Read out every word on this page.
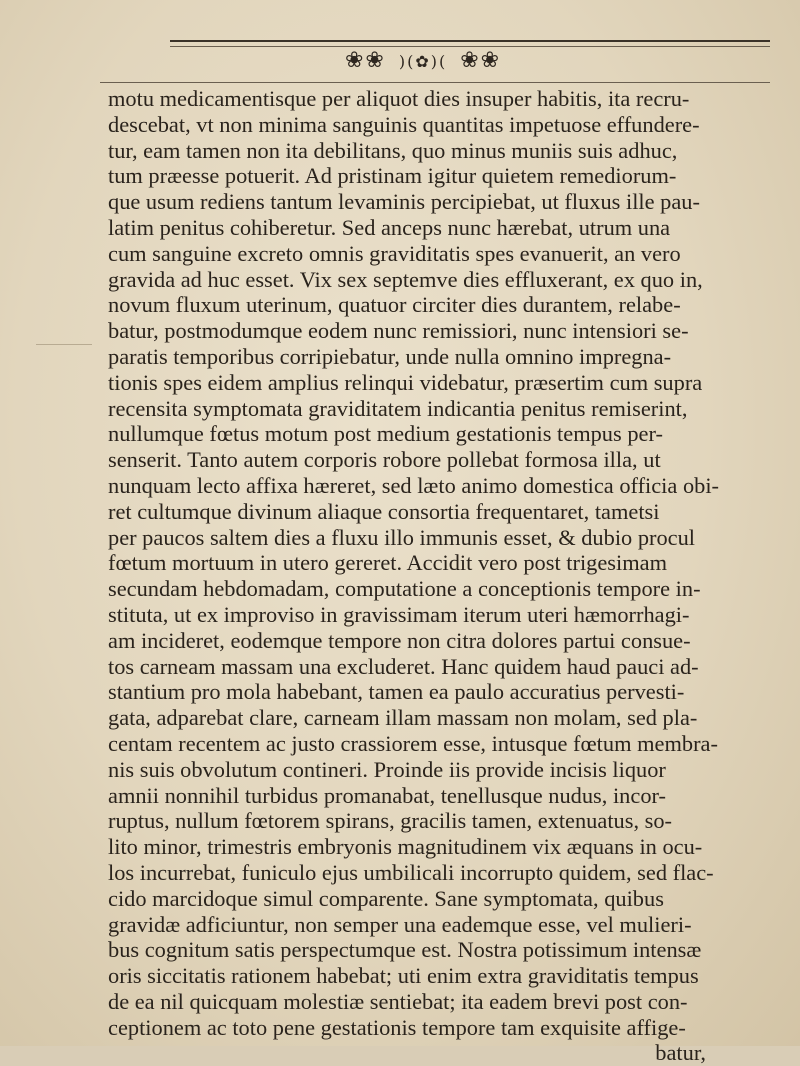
❀❀ )(✿)( ❀❀
motu medicamentisque per aliquot dies insuper habitis, ita recru-
descebat, vt non minima sanguinis quantitas impetuose effundere-
tur, eam tamen non ita debilitans, quo minus muniis suis adhuc,
tum præesse potuerit. Ad pristinam igitur quietem remediorum-
que usum rediens tantum levaminis percipiebat, ut fluxus ille pau-
latim penitus cohiberetur. Sed anceps nunc hærebat, utrum una
cum sanguine excreto omnis graviditatis spes evanuerit, an vero
gravida ad huc esset. Vix sex septemve dies effluxerant, ex quo in,
novum fluxum uterinum, quatuor circiter dies durantem, relabe-
batur, postmodumque eodem nunc remissiori, nunc intensiori se-
paratis temporibus corripiebatur, unde nulla omnino impregna-
tionis spes eidem amplius relinqui videbatur, præsertim cum supra
recensita symptomata graviditatem indicantia penitus remiserint,
nullumque fœtus motum post medium gestationis tempus per-
senserit. Tanto autem corporis robore pollebat formosa illa, ut
nunquam lecto affixa hæreret, sed læto animo domestica officia obi-
ret cultumque divinum aliaque consortia frequentaret, tametsi
per paucos saltem dies a fluxu illo immunis esset, & dubio procul
fœtum mortuum in utero gereret. Accidit vero post trigesimam
secundam hebdomadam, computatione a conceptionis tempore in-
stituta, ut ex improviso in gravissimam iterum uteri hæmorrhagi-
am incideret, eodemque tempore non citra dolores partui consue-
tos carneam massam una excluderet. Hanc quidem haud pauci ad-
stantium pro mola habebant, tamen ea paulo accuratius pervesti-
gata, adparebat clare, carneam illam massam non molam, sed pla-
centam recentem ac justo crassiorem esse, intusque fœtum membra-
nis suis obvolutum contineri. Proinde iis provide incisis liquor
amnii nonnihil turbidus promanabat, tenellusque nudus, incor-
ruptus, nullum fœtorem spirans, gracilis tamen, extenuatus, so-
lito minor, trimestris embryonis magnitudinem vix æquans in ocu-
los incurrebat, funiculo ejus umbilicali incorrupto quidem, sed flac-
cido marcidoque simul comparente. Sane symptomata, quibus
gravidæ adficiuntur, non semper una eademque esse, vel mulieri-
bus cognitum satis perspectumque est. Nostra potissimum intensæ
oris siccitatis rationem habebat; uti enim extra graviditatis tempus
de ea nil quicquam molestiæ sentiebat; ita eadem brevi post con-
ceptionem ac toto pene gestationis tempore tam exquisite affige-
batur,
